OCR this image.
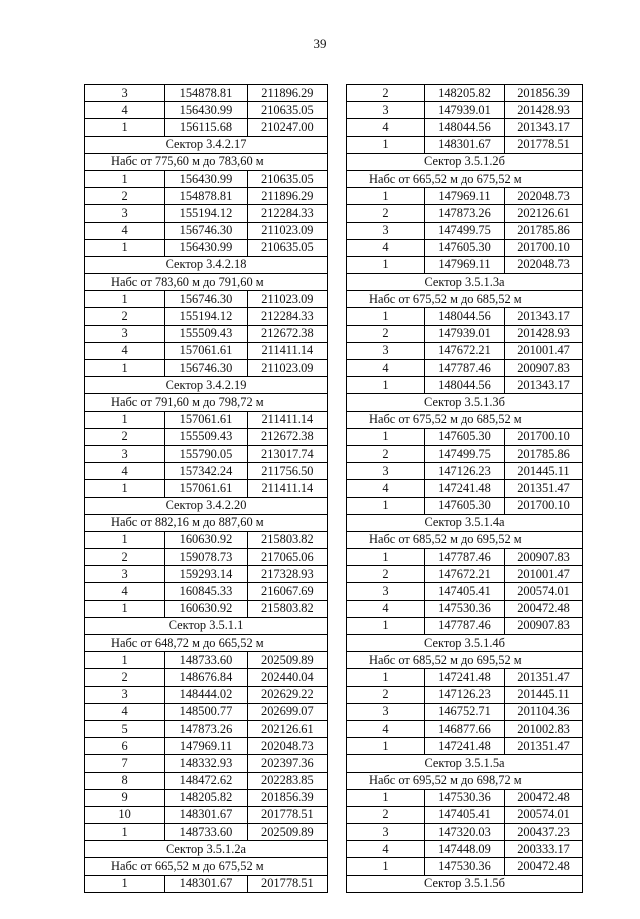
39
3	154878.81	211896.29
4	156430.99	210635.05
1	156115.68	210247.00
Сектор 3.4.2.17		
Набс от 775,60 м до 783,60 м		
1	156430.99	210635.05
2	154878.81	211896.29
3	155194.12	212284.33
4	156746.30	211023.09
1	156430.99	210635.05
Сектор 3.4.2.18		
Набс от 783,60 м до 791,60 м		
1	156746.30	211023.09
2	155194.12	212284.33
3	155509.43	212672.38
4	157061.61	211411.14
1	156746.30	211023.09
Сектор 3.4.2.19		
Набс от 791,60 м до 798,72 м		
1	157061.61	211411.14
2	155509.43	212672.38
3	155790.05	213017.74
4	157342.24	211756.50
1	157061.61	211411.14
Сектор 3.4.2.20		
Набс от 882,16 м до 887,60 м		
1	160630.92	215803.82
2	159078.73	217065.06
3	159293.14	217328.93
4	160845.33	216067.69
1	160630.92	215803.82
Сектор 3.5.1.1		
Набс от 648,72 м до 665,52 м		
1	148733.60	202509.89
2	148676.84	202440.04
3	148444.02	202629.22
4	148500.77	202699.07
5	147873.26	202126.61
6	147969.11	202048.73
7	148332.93	202397.36
8	148472.62	202283.85
9	148205.82	201856.39
10	148301.67	201778.51
1	148733.60	202509.89
Сектор 3.5.1.2а		
Набс от 665,52 м до 675,52 м		
1	148301.67	201778.51
2	148205.82	201856.39
3	147939.01	201428.93
4	148044.56	201343.17
1	148301.67	201778.51
Сектор 3.5.1.2б		
Набс от 665,52 м до 675,52 м		
1	147969.11	202048.73
2	147873.26	202126.61
3	147499.75	201785.86
4	147605.30	201700.10
1	147969.11	202048.73
Сектор 3.5.1.3а		
Набс от 675,52 м до 685,52 м		
1	148044.56	201343.17
2	147939.01	201428.93
3	147672.21	201001.47
4	147787.46	200907.83
1	148044.56	201343.17
Сектор 3.5.1.3б		
Набс от 675,52 м до 685,52 м		
1	147605.30	201700.10
2	147499.75	201785.86
3	147126.23	201445.11
4	147241.48	201351.47
1	147605.30	201700.10
Сектор 3.5.1.4а		
Набс от 685,52 м до 695,52 м		
1	147787.46	200907.83
2	147672.21	201001.47
3	147405.41	200574.01
4	147530.36	200472.48
1	147787.46	200907.83
Сектор 3.5.1.4б		
Набс от 685,52 м до 695,52 м		
1	147241.48	201351.47
2	147126.23	201445.11
3	146752.71	201104.36
4	146877.66	201002.83
1	147241.48	201351.47
Сектор 3.5.1.5а		
Набс от 695,52 м до 698,72 м		
1	147530.36	200472.48
2	147405.41	200574.01
3	147320.03	200437.23
4	147448.09	200333.17
1	147530.36	200472.48
Сектор 3.5.1.5б		
